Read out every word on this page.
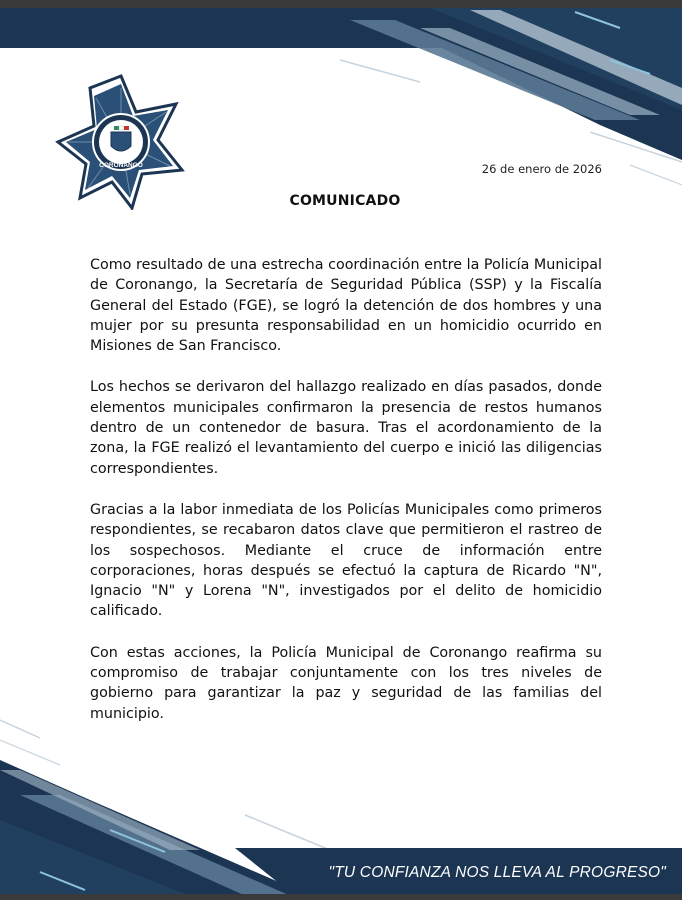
CORONANGO	26 de enero de 2026
COMUNICADO

Como resultado de una estrecha coordinación entre la Policía Municipal de Coronango, la Secretaría de Seguridad Pública (SSP) y la Fiscalía General del Estado (FGE), se logró la detención de dos hombres y una mujer por su presunta responsabilidad en un homicidio ocurrido en Misiones de San Francisco.

Los hechos se derivaron del hallazgo realizado en días pasados, donde elementos municipales confirmaron la presencia de restos humanos dentro de un contenedor de basura. Tras el acordonamiento de la zona, la FGE realizó el levantamiento del cuerpo e inició las diligencias correspondientes.

Gracias a la labor inmediata de los Policías Municipales como primeros respondientes, se recabaron datos clave que permitieron el rastreo de los sospechosos. Mediante el cruce de información entre corporaciones, horas después se efectuó la captura de Ricardo "N", Ignacio "N" y Lorena "N", investigados por el delito de homicidio calificado.

Con estas acciones, la Policía Municipal de Coronango reafirma su compromiso de trabajar conjuntamente con los tres niveles de gobierno para garantizar la paz y seguridad de las familias del municipio.

"TU CONFIANZA NOS LLEVA AL PROGRESO"
